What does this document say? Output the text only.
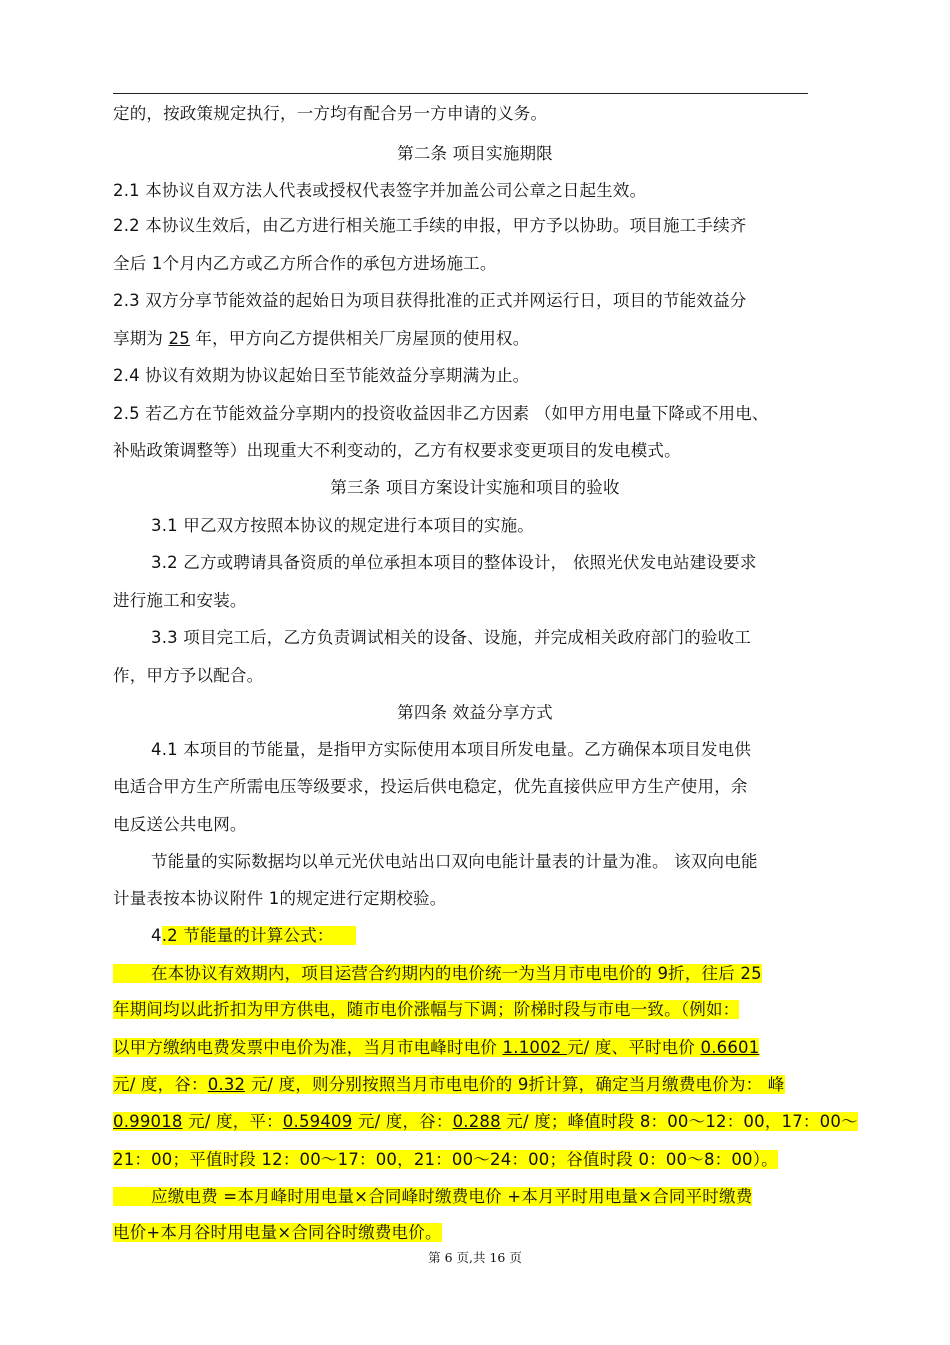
定的，按政策规定执行，一方均有配合另一方申请的义务。
第二条 项目实施期限
2.1 本协议自双方法人代表或授权代表签字并加盖公司公章之日起生效。
2.2 本协议生效后，由乙方进行相关施工手续的申报，甲方予以协助。项目施工手续齐
全后 1个月内乙方或乙方所合作的承包方进场施工。
2.3 双方分享节能效益的起始日为项目获得批准的正式并网运行日，项目的节能效益分
享期为 25 年，甲方向乙方提供相关厂房屋顶的使用权。
2.4 协议有效期为协议起始日至节能效益分享期满为止。
2.5 若乙方在节能效益分享期内的投资收益因非乙方因素 （如甲方用电量下降或不用电、
补贴政策调整等）出现重大不利变动的，乙方有权要求变更项目的发电模式。
第三条 项目方案设计实施和项目的验收
3.1 甲乙双方按照本协议的规定进行本项目的实施。
3.2 乙方或聘请具备资质的单位承担本项目的整体设计， 依照光伏发电站建设要求
进行施工和安装。
3.3 项目完工后，乙方负责调试相关的设备、设施，并完成相关政府部门的验收工
作，甲方予以配合。
第四条 效益分享方式
4.1 本项目的节能量，是指甲方实际使用本项目所发电量。乙方确保本项目发电供
电适合甲方生产所需电压等级要求，投运后供电稳定，优先直接供应甲方生产使用，余
电反送公共电网。
节能量的实际数据均以单元光伏电站出口双向电能计量表的计量为准。 该双向电能
计量表按本协议附件 1的规定进行定期校验。
4.2 节能量的计算公式：
在本协议有效期内，项目运营合约期内的电价统一为当月市电电价的 9折，往后 25
年期间均以此折扣为甲方供电，随市电价涨幅与下调；阶梯时段与市电一致。（例如：
以甲方缴纳电费发票中电价为准，当月市电峰时电价 1.1002 元/ 度、平时电价 0.6601
元/ 度，谷：0.32 元/ 度，则分别按照当月市电电价的 9折计算，确定当月缴费电价为： 峰
0.99018 元/ 度，平：0.59409 元/ 度，谷：0.288 元/ 度；峰值时段 8：00～12：00，17：00～
21：00；平值时段 12：00～17：00，21：00～24：00；谷值时段 0：00～8：00）。
应缴电费 =本月峰时用电量×合同峰时缴费电价 +本月平时用电量×合同平时缴费
电价+本月谷时用电量×合同谷时缴费电价。
第 6 页,共 16 页
